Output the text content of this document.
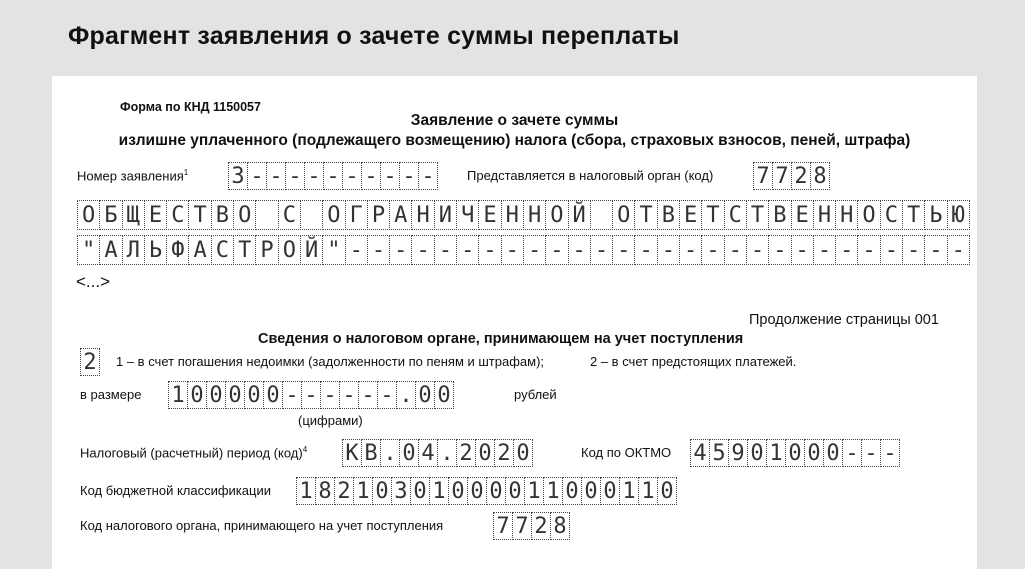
Фрагмент заявления о зачете суммы переплаты
Форма по КНД 1150057
Заявление о зачете суммы
излишне уплаченного (подлежащего возмещению) налога (сбора, страховых взносов, пеней, штрафа)
Номер заявления$^1$ 3 - - - - - - - - - - Представляется в налоговый орган (код) 7 7 2 8
О Б Щ Е С Т В О С О Г Р А Н И Ч Е Н Н О Й О Т В Е Т С Т В Е Н Н О С Т Ь Ю
" А Л Ь Ф А С Т Р О Й " - - - - - - - - - - - - - - - - - - - - - - - - - - - -
<...>
Продолжение страницы 001
Сведения о налоговом органе, принимающем на учет поступления
2 1 – в счет погашения недоимки (задолженности по пеням и штрафам);	2 – в счет предстоящих платежей.
в размере 1 0 0 0 0 0 - - - - - - . 0 0	рублей
(цифрами)
Налоговый (расчетный) период (код)$^4$ К В . 0 4 . 2 0 2 0	Код по ОКТМО 4 5 9 0 1 0 0 0 - - -
Код бюджетной классификации 1 8 2 1 0 3 0 1 0 0 0 0 1 1 0 0 0 1 1 0
Код налогового органа, принимающего на учет поступления 7 7 2 8
